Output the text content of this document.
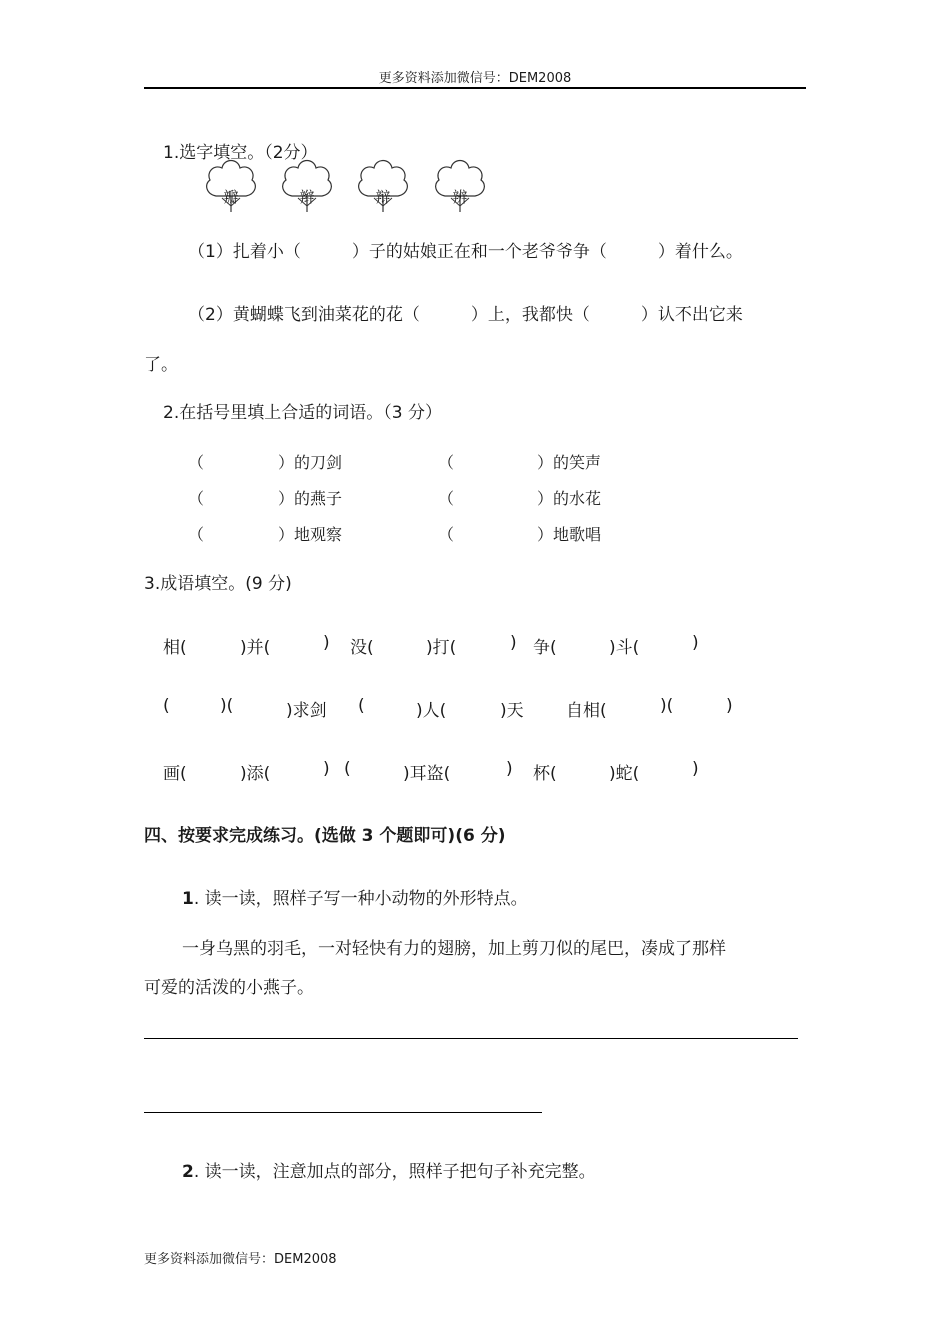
更多资料添加微信号：DEM2008
1.选字填空。（2分）
瓣	辫	辩	辨
（1）扎着小（　　　）子的姑娘正在和一个老爷爷争（　　　）着什么。
（2）黄蝴蝶飞到油菜花的花（　　　）上，我都快（　　　）认不出它来
了。
2.在括号里填上合适的词语。（3 分）
（	）的刀剑	（	）的笑声
（	）的燕子	（	）的水花
（	）地观察	（	）地歌唱
3.成语填空。(9 分)
相(	)并(	) 没(	)打(	) 争(	)斗(	)
(	)(	)求剑 (	)人(	)天 自相(	)(	)
画(	)添(	) (	)耳盗(	) 杯(	)蛇(	)
四、按要求完成练习。(选做 3 个题即可)(6 分)
1. 读一读，照样子写一种小动物的外形特点。
一身乌黑的羽毛，一对轻快有力的翅膀，加上剪刀似的尾巴，凑成了那样
可爱的活泼的小燕子。
2. 读一读，注意加点的部分，照样子把句子补充完整。
更多资料添加微信号：DEM2008
